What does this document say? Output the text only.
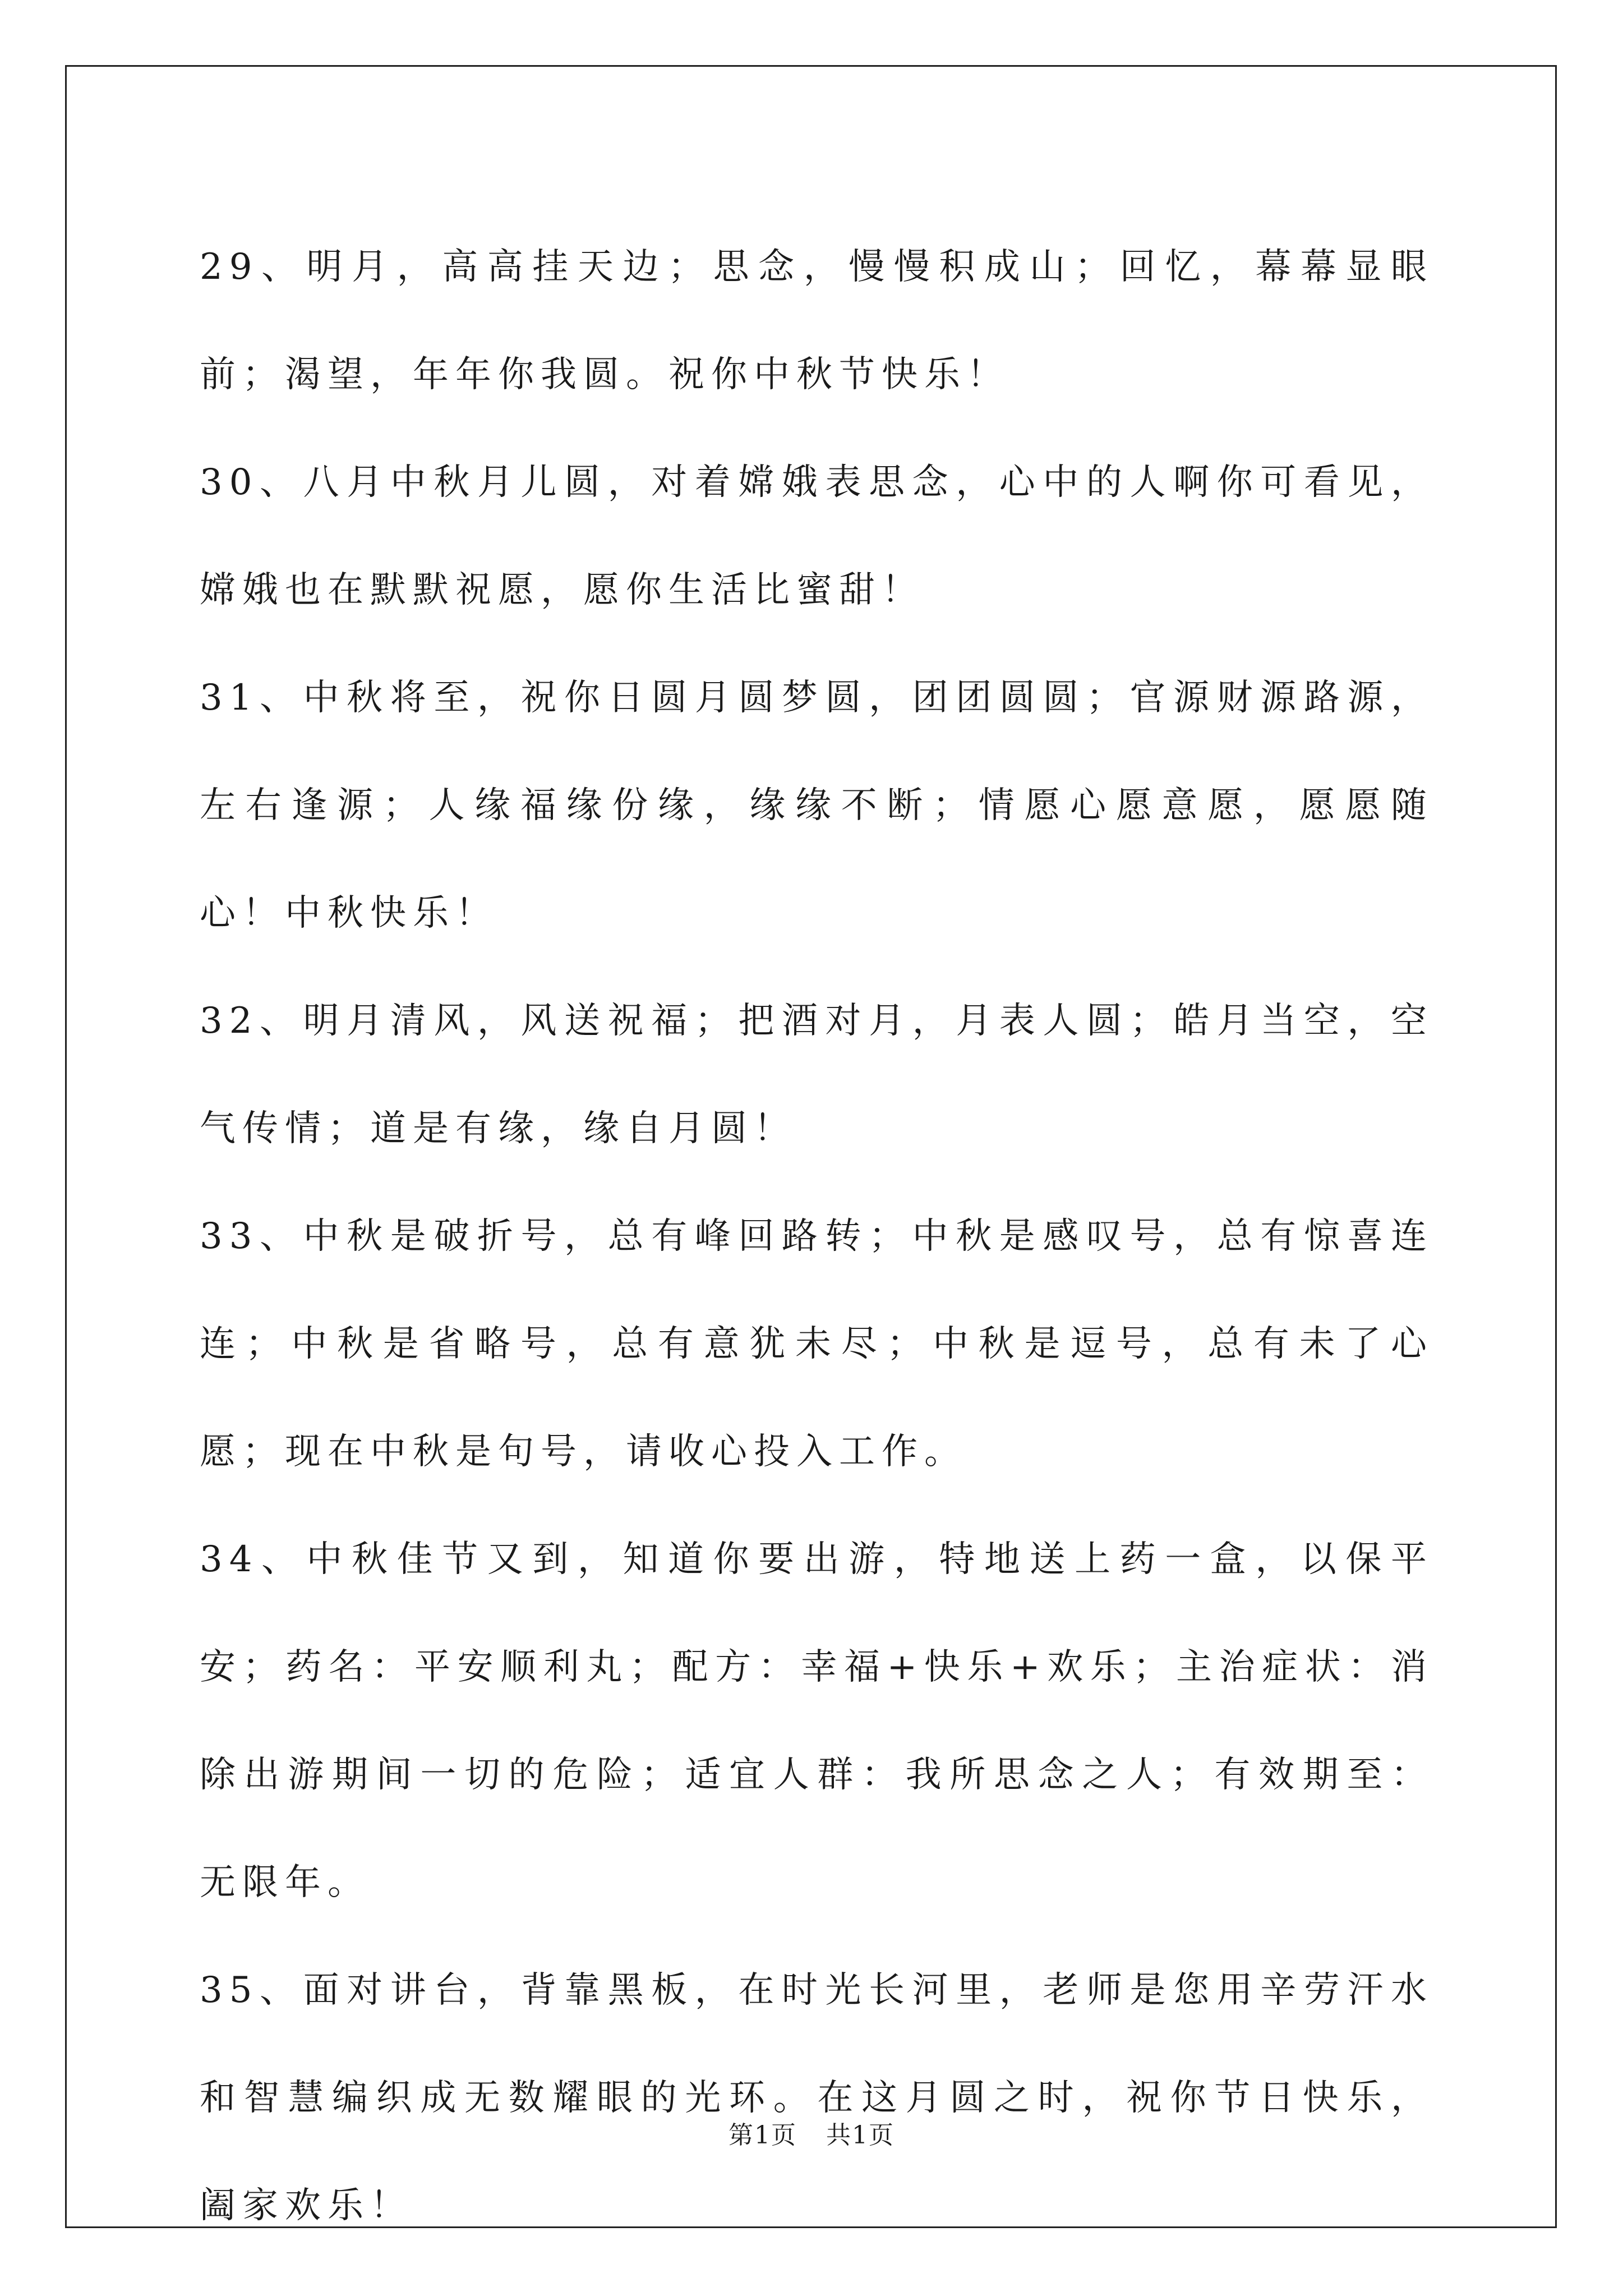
29、明月，高高挂天边；思念，慢慢积成山；回忆，幕幕显眼前；渴望，年年你我圆。祝你中秋节快乐！

30、八月中秋月儿圆，对着嫦娥表思念，心中的人啊你可看见，嫦娥也在默默祝愿，愿你生活比蜜甜！

31、中秋将至，祝你日圆月圆梦圆，团团圆圆；官源财源路源，左右逢源；人缘福缘份缘，缘缘不断；情愿心愿意愿，愿愿随心！中秋快乐！

32、明月清风，风送祝福；把酒对月，月表人圆；皓月当空，空气传情；道是有缘，缘自月圆！

33、中秋是破折号，总有峰回路转；中秋是感叹号，总有惊喜连连；中秋是省略号，总有意犹未尽；中秋是逗号，总有未了心愿；现在中秋是句号，请收心投入工作。

34、中秋佳节又到，知道你要出游，特地送上药一盒，以保平安；药名：平安顺利丸；配方：幸福+快乐+欢乐；主治症状：消除出游期间一切的危险；适宜人群：我所思念之人；有效期至：无限年。

35、面对讲台，背靠黑板，在时光长河里，老师是您用辛劳汗水和智慧编织成无数耀眼的光环。在这月圆之时，祝你节日快乐，阖家欢乐！

第1页 共1页
